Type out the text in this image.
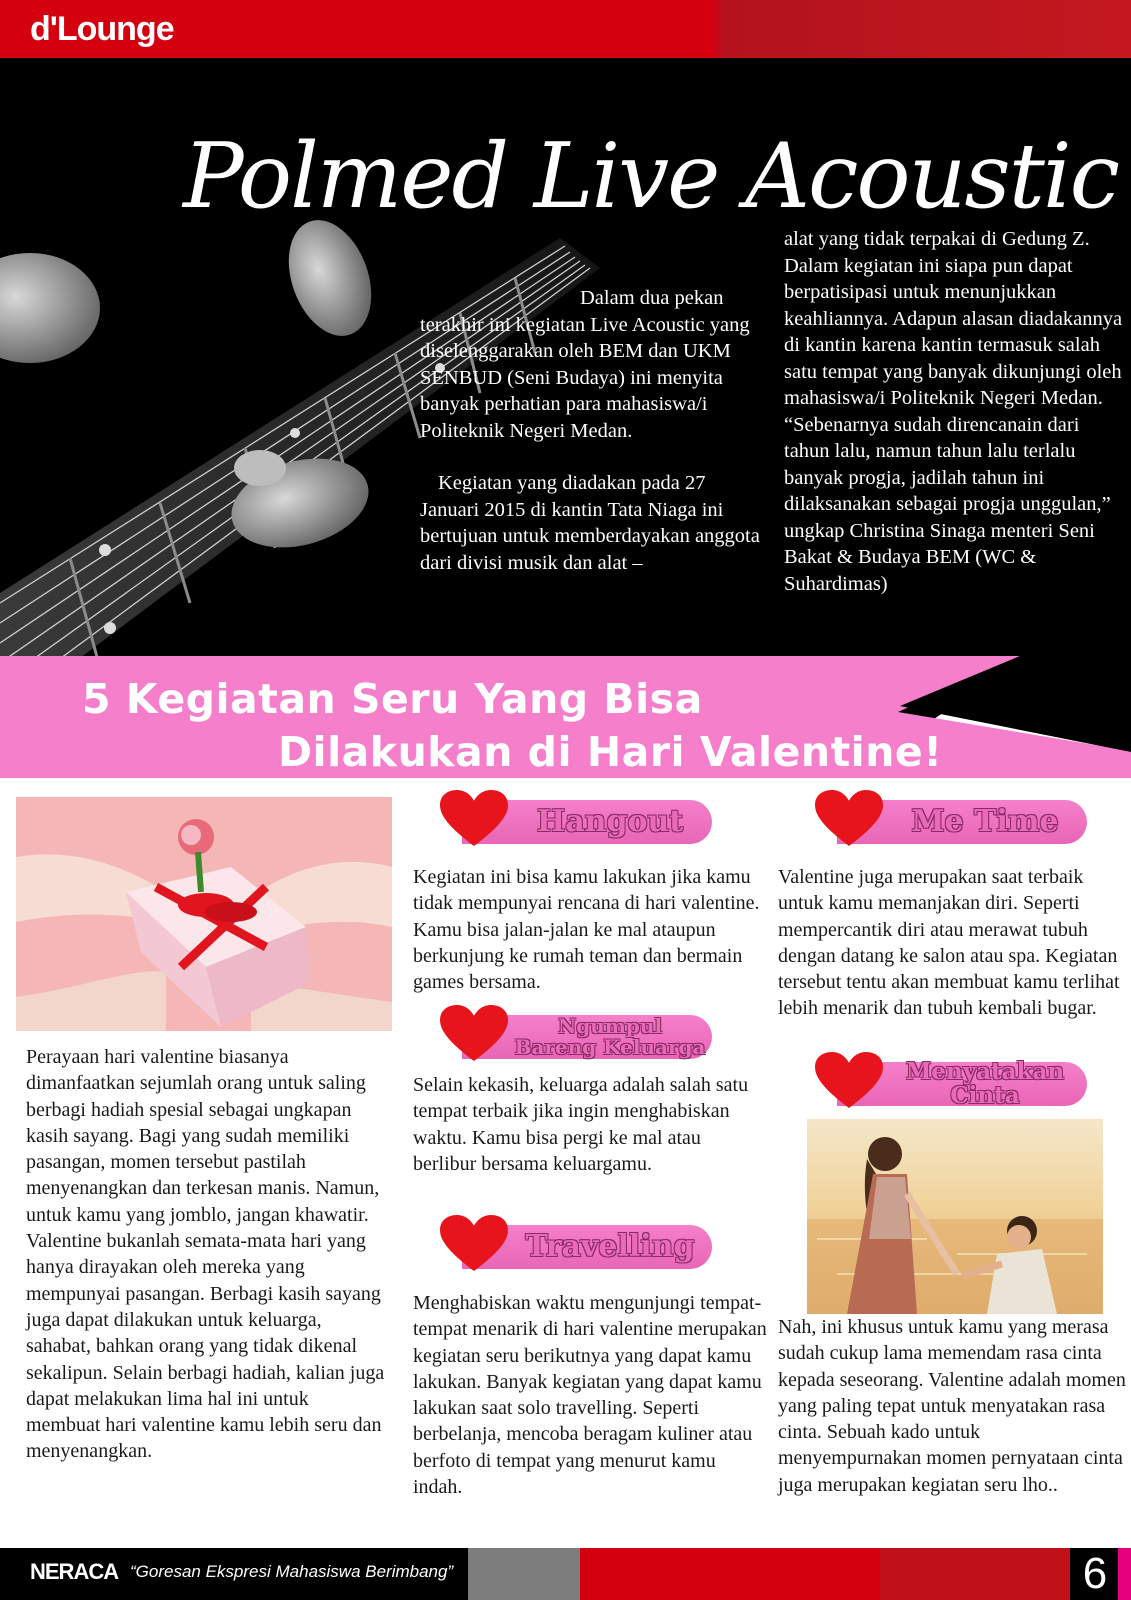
d'Lounge
Polmed Live Acoustic

Dalam dua pekan terakhir ini kegiatan Live Acoustic yang diselenggarakan oleh BEM dan UKM SENBUD (Seni Budaya) ini menyita banyak perhatian para mahasiswa/i Politeknik Negeri Medan.

Kegiatan yang diadakan pada 27 Januari 2015 di kantin Tata Niaga ini bertujuan untuk memberdayakan anggota dari divisi musik dan alat –

alat yang tidak terpakai di Gedung Z. Dalam kegiatan ini siapa pun dapat berpatisipasi untuk menunjukkan keahliannya. Adapun alasan diadakannya di kantin karena kantin termasuk salah satu tempat yang banyak dikunjungi oleh mahasiswa/i Politeknik Negeri Medan. “Sebenarnya sudah direncanain dari tahun lalu, namun tahun lalu terlalu banyak progja, jadilah tahun ini dilaksanakan sebagai progja unggulan,” ungkap Christina Sinaga menteri Seni Bakat & Budaya BEM (WC & Suhardimas)
5 Kegiatan Seru Yang Bisa
Dilakukan di Hari Valentine!
Perayaan hari valentine biasanya dimanfaatkan sejumlah orang untuk saling berbagi hadiah spesial sebagai ungkapan kasih sayang. Bagi yang sudah memiliki pasangan, momen tersebut pastilah menyenangkan dan terkesan manis. Namun, untuk kamu yang jomblo, jangan khawatir. Valentine bukanlah semata-mata hari yang hanya dirayakan oleh mereka yang mempunyai pasangan. Berbagi kasih sayang juga dapat dilakukan untuk keluarga, sahabat, bahkan orang yang tidak dikenal sekalipun. Selain berbagi hadiah, kalian juga dapat melakukan lima hal ini untuk membuat hari valentine kamu lebih seru dan menyenangkan.
Hangout
Kegiatan ini bisa kamu lakukan jika kamu tidak mempunyai rencana di hari valentine. Kamu bisa jalan-jalan ke mal ataupun berkunjung ke rumah teman dan bermain games bersama.
Ngumpul
Bareng Keluarga
Selain kekasih, keluarga adalah salah satu tempat terbaik jika ingin menghabiskan waktu. Kamu bisa pergi ke mal atau berlibur bersama keluargamu.
Travelling
Menghabiskan waktu mengunjungi tempat-tempat menarik di hari valentine merupakan kegiatan seru berikutnya yang dapat kamu lakukan. Banyak kegiatan yang dapat kamu lakukan saat solo travelling. Seperti berbelanja, mencoba beragam kuliner atau berfoto di tempat yang menurut kamu indah.
Me Time
Valentine juga merupakan saat terbaik untuk kamu memanjakan diri. Seperti mempercantik diri atau merawat tubuh dengan datang ke salon atau spa. Kegiatan tersebut tentu akan membuat kamu terlihat lebih menarik dan tubuh kembali bugar.
Menyatakan
Cinta
Nah, ini khusus untuk kamu yang merasa sudah cukup lama memendam rasa cinta kepada seseorang. Valentine adalah momen yang paling tepat untuk menyatakan rasa cinta. Sebuah kado untuk menyempurnakan momen pernyataan cinta juga merupakan kegiatan seru lho..
NERACA “Goresan Ekspresi Mahasiswa Berimbang”	6
